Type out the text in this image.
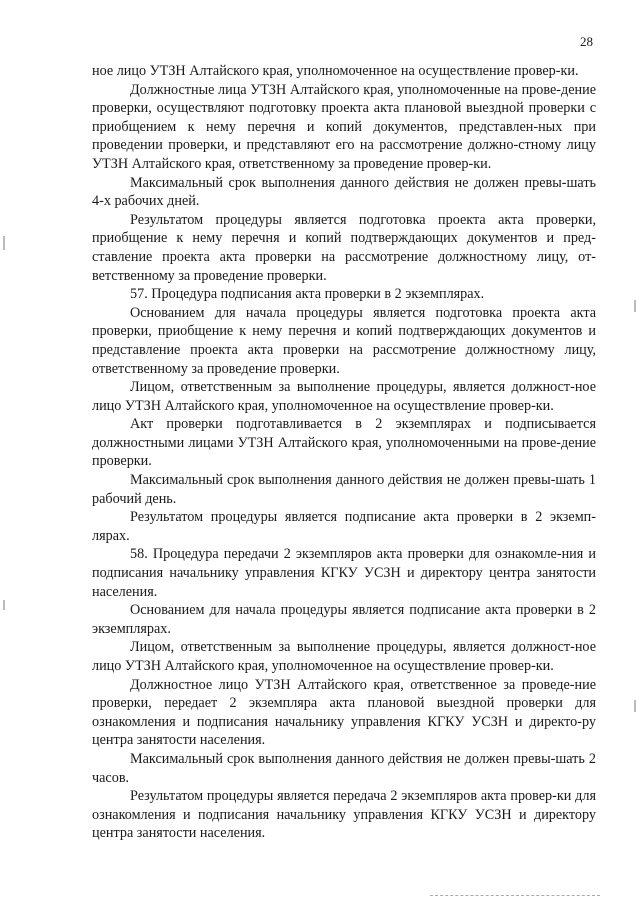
28

ное лицо УТЗН Алтайского края, уполномоченное на осуществление провер-ки.

Должностные лица УТЗН Алтайского края, уполномоченные на прове-дение проверки, осуществляют подготовку проекта акта плановой выездной проверки с приобщением к нему перечня и копий документов, представлен-ных при проведении проверки, и представляют его на рассмотрение должно-стному лицу УТЗН Алтайского края, ответственному за проведение провер-ки.

Максимальный срок выполнения данного действия не должен превы-шать 4-х рабочих дней.

Результатом процедуры является подготовка проекта акта проверки, приобщение к нему перечня и копий подтверждающих документов и пред-ставление проекта акта проверки на рассмотрение должностному лицу, от-ветственному за проведение проверки.

57. Процедура подписания акта проверки в 2 экземплярах.

Основанием для начала процедуры является подготовка проекта акта проверки, приобщение к нему перечня и копий подтверждающих документов и представление проекта акта проверки на рассмотрение должностному лицу, ответственному за проведение проверки.

Лицом, ответственным за выполнение процедуры, является должност-ное лицо УТЗН Алтайского края, уполномоченное на осуществление провер-ки.

Акт проверки подготавливается в 2 экземплярах и подписывается должностными лицами УТЗН Алтайского края, уполномоченными на прове-дение проверки.

Максимальный срок выполнения данного действия не должен превы-шать 1 рабочий день.

Результатом процедуры является подписание акта проверки в 2 экземп-лярах.

58. Процедура передачи 2 экземпляров акта проверки для ознакомле-ния и подписания начальнику управления КГКУ УСЗН и директору центра занятости населения.

Основанием для начала процедуры является подписание акта проверки в 2 экземплярах.

Лицом, ответственным за выполнение процедуры, является должност-ное лицо УТЗН Алтайского края, уполномоченное на осуществление провер-ки.

Должностное лицо УТЗН Алтайского края, ответственное за проведе-ние проверки, передает 2 экземпляра акта плановой выездной проверки для ознакомления и подписания начальнику управления КГКУ УСЗН и директо-ру центра занятости населения.

Максимальный срок выполнения данного действия не должен превы-шать 2 часов.

Результатом процедуры является передача 2 экземпляров акта провер-ки для ознакомления и подписания начальнику управления КГКУ УСЗН и директору центра занятости населения.
